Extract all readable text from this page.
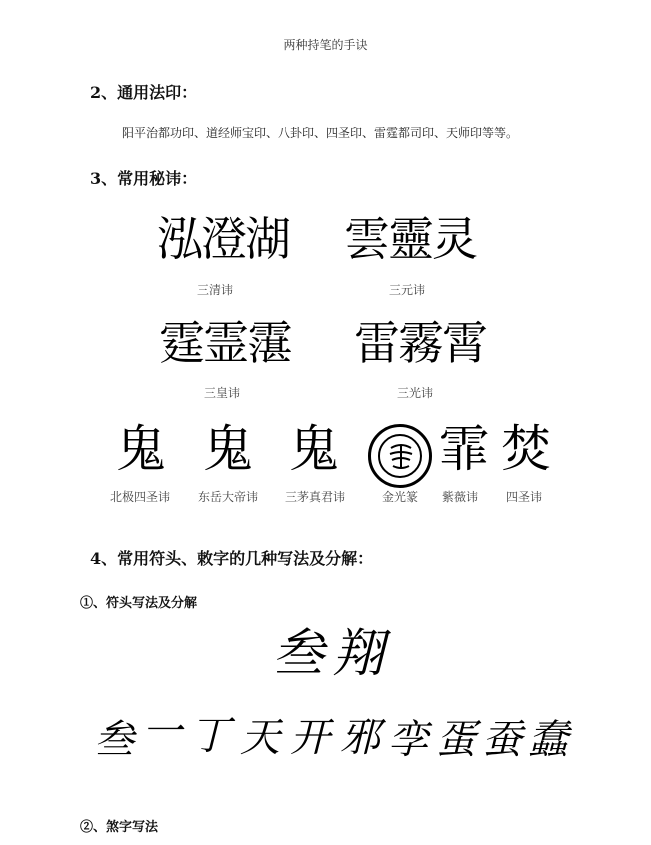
两种持笔的手诀
2、通用法印：
阳平治都功印、道经师宝印、八卦印、四圣印、雷霆都司印、天师印等等。
3、常用秘讳：
泓澄湖
三清讳
雲靈灵
三元讳
霆霊霮
三皇讳
雷霧霄
三光讳
鬼
北极四圣讳
鬼
东岳大帝讳
鬼
三茅真君讳	金光篆
霏
紫薇讳
焚
四圣讳
4、常用符头、敕字的几种写法及分解：
①、符头写法及分解
叁 翔
叁 一 丁 天 开 邪 孪 蛋 蚕 蠢
②、煞字写法
